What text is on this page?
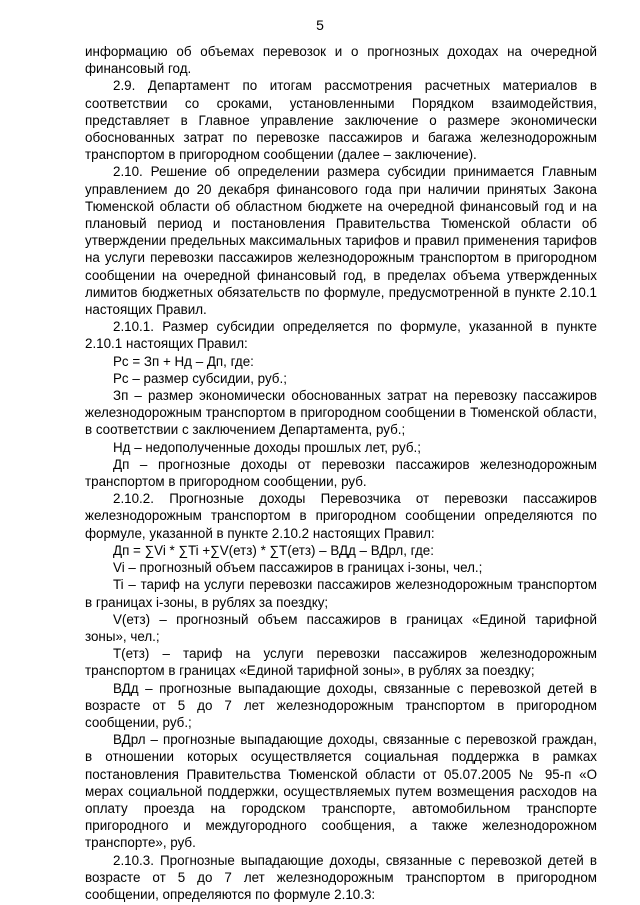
5

информацию об объемах перевозок и о прогнозных доходах на очередной финансовый год.

2.9. Департамент по итогам рассмотрения расчетных материалов в соответствии со сроками, установленными Порядком взаимодействия, представляет в Главное управление заключение о размере экономически обоснованных затрат по перевозке пассажиров и багажа железнодорожным транспортом в пригородном сообщении (далее – заключение).

2.10. Решение об определении размера субсидии принимается Главным управлением до 20 декабря финансового года при наличии принятых Закона Тюменской области об областном бюджете на очередной финансовый год и на плановый период и постановления Правительства Тюменской области об утверждении предельных максимальных тарифов и правил применения тарифов на услуги перевозки пассажиров железнодорожным транспортом в пригородном сообщении на очередной финансовый год, в пределах объема утвержденных лимитов бюджетных обязательств по формуле, предусмотренной в пункте 2.10.1 настоящих Правил.

2.10.1. Размер субсидии определяется по формуле, указанной в пункте 2.10.1 настоящих Правил:

Рс = Зп + Нд – Дп, где:

Рс – размер субсидии, руб.;

Зп – размер экономически обоснованных затрат на перевозку пассажиров железнодорожным транспортом в пригородном сообщении в Тюменской области, в соответствии с заключением Департамента, руб.;

Нд – недополученные доходы прошлых лет, руб.;

Дп – прогнозные доходы от перевозки пассажиров железнодорожным транспортом в пригородном сообщении, руб.

2.10.2. Прогнозные доходы Перевозчика от перевозки пассажиров железнодорожным транспортом в пригородном сообщении определяются по формуле, указанной в пункте 2.10.2 настоящих Правил:

Дп = ∑Vi * ∑Ti +∑V(етз) * ∑T(етз) – ВДд – ВДрл, где:

Vi – прогнозный объем пассажиров в границах i-зоны, чел.;

Ti – тариф на услуги перевозки пассажиров железнодорожным транспортом в границах i-зоны, в рублях за поездку;

V(етз) – прогнозный объем пассажиров в границах «Единой тарифной зоны», чел.;

T(етз) – тариф на услуги перевозки пассажиров железнодорожным транспортом в границах «Единой тарифной зоны», в рублях за поездку;

ВДд – прогнозные выпадающие доходы, связанные с перевозкой детей в возрасте от 5 до 7 лет железнодорожным транспортом в пригородном сообщении, руб.;

ВДрл – прогнозные выпадающие доходы, связанные с перевозкой граждан, в отношении которых осуществляется социальная поддержка в рамках постановления Правительства Тюменской области от 05.07.2005 № 95-п «О мерах социальной поддержки, осуществляемых путем возмещения расходов на оплату проезда на городском транспорте, автомобильном транспорте пригородного и междугородного сообщения, а также железнодорожном транспорте», руб.

2.10.3. Прогнозные выпадающие доходы, связанные с перевозкой детей в возрасте от 5 до 7 лет железнодорожным транспортом в пригородном сообщении, определяются по формуле 2.10.3:
